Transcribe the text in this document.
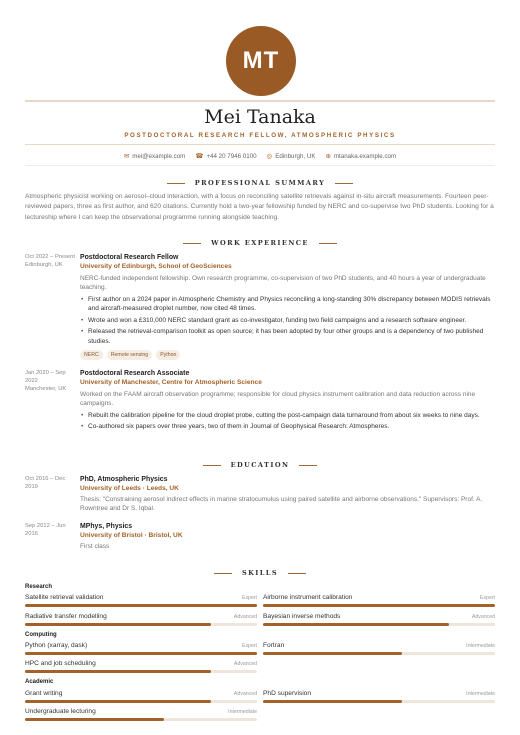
MT
Mei Tanaka
POSTDOCTORAL RESEARCH FELLOW, ATMOSPHERIC PHYSICS
✉ mei@example.com ☎ +44 20 7946 0100 ◎ Edinburgh, UK ⊕ mtanaka.example.com
PROFESSIONAL SUMMARY
Atmospheric physicist working on aerosol–cloud interaction, with a focus on reconciling satellite retrievals against in-situ aircraft measurements. Fourteen peer-reviewed papers, three as first author, and 620 citations. Currently hold a two-year fellowship funded by NERC and co-supervise two PhD students. Looking for a lectureship where I can keep the observational programme running alongside teaching.
WORK EXPERIENCE
Oct 2022 – Present
Edinburgh, UK
Postdoctoral Research Fellow
University of Edinburgh, School of GeoSciences
NERC-funded independent fellowship. Own research programme, co-supervision of two PhD students, and 40 hours a year of undergraduate teaching.
• First author on a 2024 paper in Atmospheric Chemistry and Physics reconciling a long-standing 30% discrepancy between MODIS retrievals and aircraft-measured droplet number, now cited 48 times.
• Wrote and won a £310,000 NERC standard grant as co-investigator, funding two field campaigns and a research software engineer.
• Released the retrieval-comparison toolkit as open source; it has been adopted by four other groups and is a dependency of two published studies.
NERC	Remote sensing	Python
Jan 2020 – Sep 2022
Manchester, UK
Postdoctoral Research Associate
University of Manchester, Centre for Atmospheric Science
Worked on the FAAM aircraft observation programme; responsible for cloud physics instrument calibration and data reduction across nine campaigns.
• Rebuilt the calibration pipeline for the cloud droplet probe, cutting the post-campaign data turnaround from about six weeks to nine days.
• Co-authored six papers over three years, two of them in Journal of Geophysical Research: Atmospheres.
EDUCATION
Oct 2016 – Dec 2019
PhD, Atmospheric Physics
University of Leeds · Leeds, UK
Thesis: "Constraining aerosol indirect effects in marine stratocumulus using paired satellite and airborne observations." Supervisors: Prof. A. Rowntree and Dr S. Iqbal.
Sep 2012 – Jun 2016
MPhys, Physics
University of Bristol · Bristol, UK
First class
SKILLS
Research
Satellite retrieval validation	Expert Airborne instrument calibration	Expert
Radiative transfer modelling	Advanced Bayesian inverse methods	Advanced
Computing
Python (xarray, dask)	Expert Fortran	Intermediate
HPC and job scheduling	Advanced
Academic
Grant writing	Advanced PhD supervision	Intermediate
Undergraduate lecturing	Intermediate
